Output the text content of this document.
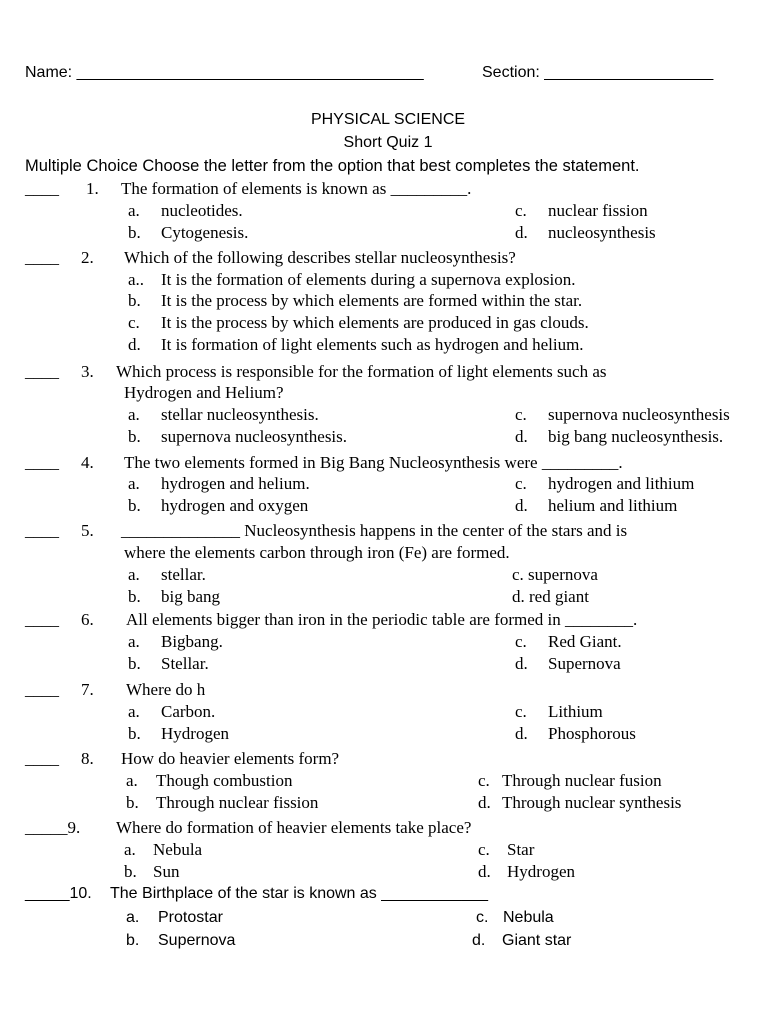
Name: _______________________________________	Section: ___________________
PHYSICAL SCIENCE
Short Quiz 1
Multiple Choice Choose the letter from the option that best completes the statement.
____ 1. The formation of elements is known as _________.
a. nucleotides.	c. nuclear fission
b. Cytogenesis.	d. nucleosynthesis
____ 2. Which of the following describes stellar nucleosynthesis?
a.. It is the formation of elements during a supernova explosion.
b. It is the process by which elements are formed within the star.
c. It is the process by which elements are produced in gas clouds.
d. It is formation of light elements such as hydrogen and helium.
____ 3. Which process is responsible for the formation of light elements such as
Hydrogen and Helium?
a. stellar nucleosynthesis.	c. supernova nucleosynthesis
b. supernova nucleosynthesis.	d. big bang nucleosynthesis.
____ 4. The two elements formed in Big Bang Nucleosynthesis were _________.
a. hydrogen and helium.	c. hydrogen and lithium
b. hydrogen and oxygen	d. helium and lithium
____ 5. ______________ Nucleosynthesis happens in the center of the stars and is
where the elements carbon through iron (Fe) are formed.
a. stellar.	c. supernova
b. big bang	d. red giant
____ 6. All elements bigger than iron in the periodic table are formed in ________.
a. Bigbang.	c. Red Giant.
b. Stellar.	d. Supernova
____ 7. Where do h
a. Carbon.	c. Lithium
b. Hydrogen	d. Phosphorous
____ 8. How do heavier elements form?
a. Though combustion	c. Through nuclear fusion
b. Through nuclear fission	d. Through nuclear synthesis
_____9. Where do formation of heavier elements take place?
a. Nebula	c. Star
b. Sun	d. Hydrogen
_____10. The Birthplace of the star is known as ____________
a. Protostar	c. Nebula
b. Supernova	d. Giant star
